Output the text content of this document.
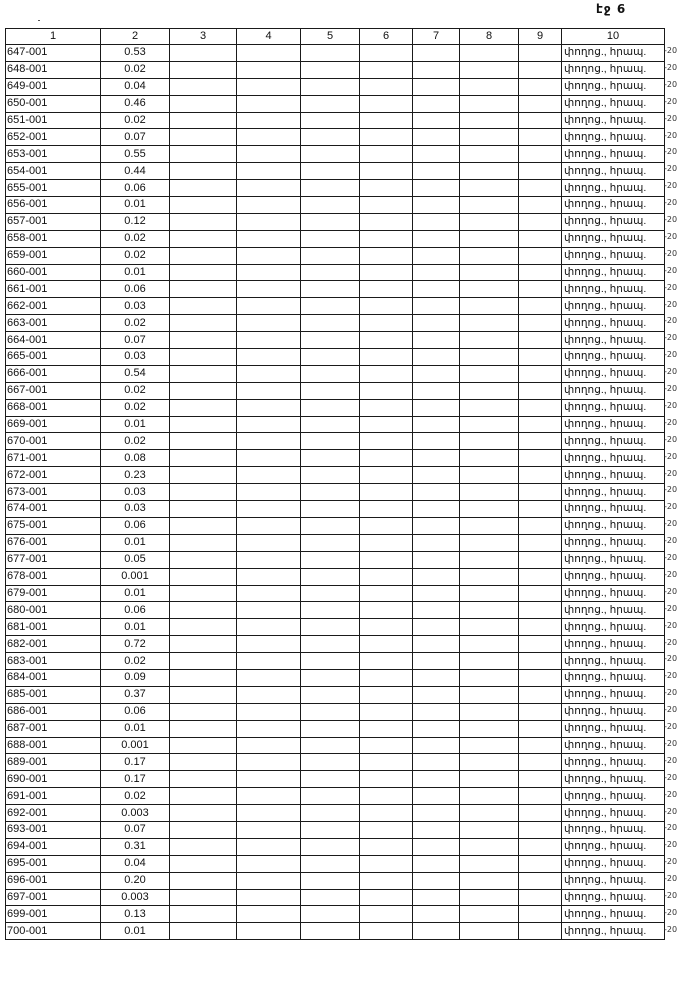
էջ 6
1	2	3	4	5	6	7	8	9	10
647-001	0.53								փողոց., հրապ.
648-001	0.02								փողոց., հրապ.
649-001	0.04								փողոց., հրապ.
650-001	0.46								փողոց., հրապ.
651-001	0.02								փողոց., հրապ.
652-001	0.07								փողոց., հրապ.
653-001	0.55								փողոց., հրապ.
654-001	0.44								փողոց., հրապ.
655-001	0.06								փողոց., հրապ.
656-001	0.01								փողոց., հրապ.
657-001	0.12								փողոց., հրապ.
658-001	0.02								փողոց., հրապ.
659-001	0.02								փողոց., հրապ.
660-001	0.01								փողոց., հրապ.
661-001	0.06								փողոց., հրապ.
662-001	0.03								փողոց., հրապ.
663-001	0.02								փողոց., հրապ.
664-001	0.07								փողոց., հրապ.
665-001	0.03								փողոց., հրապ.
666-001	0.54								փողոց., հրապ.
667-001	0.02								փողոց., հրապ.
668-001	0.02								փողոց., հրապ.
669-001	0.01								փողոց., հրապ.
670-001	0.02								փողոց., հրապ.
671-001	0.08								փողոց., հրապ.
672-001	0.23								փողոց., հրապ.
673-001	0.03								փողոց., հրապ.
674-001	0.03								փողոց., հրապ.
675-001	0.06								փողոց., հրապ.
676-001	0.01								փողոց., հրապ.
677-001	0.05								փողոց., հրապ.
678-001	0.001								փողոց., հրապ.
679-001	0.01								փողոց., հրապ.
680-001	0.06								փողոց., հրապ.
681-001	0.01								փողոց., հրապ.
682-001	0.72								փողոց., հրապ.
683-001	0.02								փողոց., հրապ.
684-001	0.09								փողոց., հրապ.
685-001	0.37								փողոց., հրապ.
686-001	0.06								փողոց., հրապ.
687-001	0.01								փողոց., հրապ.
688-001	0.001								փողոց., հրապ.
689-001	0.17								փողոց., հրապ.
690-001	0.17								փողոց., հրապ.
691-001	0.02								փողոց., հրապ.
692-001	0.003								փողոց., հրապ.
693-001	0.07								փողոց., հրապ.
694-001	0.31								փողոց., հրապ.
695-001	0.04								փողոց., հրապ.
696-001	0.20								փողոց., հրապ.
697-001	0.003								փողոց., հրապ.
699-001	0.13								փողոց., հրապ.
700-001	0.01								փողոց., հրապ.
-20
-20
-20
-20
-20
-20
-20
-20
-20
-20
-20
-20
-20
-20
-20
-20
-20
-20
-20
-20
-20
-20
-20
-20
-20
-20
-20
-20
-20
-20
-20
-20
-20
-20
-20
-20
-20
-20
-20
-20
-20
-20
-20
-20
-20
-20
-20
-20
-20
-20
-20
-20
-20
